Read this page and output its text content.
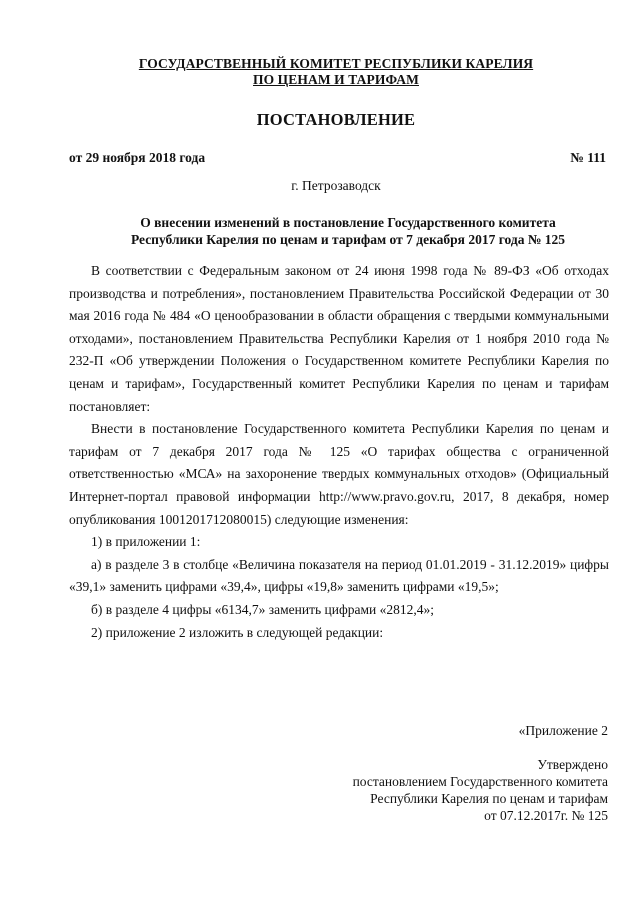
ГОСУДАРСТВЕННЫЙ КОМИТЕТ РЕСПУБЛИКИ КАРЕЛИЯ
ПО ЦЕНАМ И ТАРИФАМ
ПОСТАНОВЛЕНИЕ
от 29 ноября 2018 года	№ 111
г. Петрозаводск
О внесении изменений в постановление Государственного комитета
Республики Карелия по ценам и тарифам от 7 декабря 2017 года № 125

В соответствии с Федеральным законом от 24 июня 1998 года № 89-ФЗ «Об отходах производства и потребления», постановлением Правительства Российской Федерации от 30 мая 2016 года № 484 «О ценообразовании в области обращения с твердыми коммунальными отходами», постановлением Правительства Республики Карелия от 1 ноября 2010 года № 232-П «Об утверждении Положения о Государственном комитете Республики Карелия по ценам и тарифам», Государственный комитет Республики Карелия по ценам и тарифам постановляет:

Внести в постановление Государственного комитета Республики Карелия по ценам и тарифам от 7 декабря 2017 года № 125 «О тарифах общества с ограниченной ответственностью «МСА» на захоронение твердых коммунальных отходов» (Официальный Интернет-портал правовой информации http://www.pravo.gov.ru, 2017, 8 декабря, номер опубликования 1001201712080015) следующие изменения:

1) в приложении 1:

а) в разделе 3 в столбце «Величина показателя на период 01.01.2019 - 31.12.2019» цифры «39,1» заменить цифрами «39,4», цифры «19,8» заменить цифрами «19,5»;

б) в разделе 4 цифры «6134,7» заменить цифрами «2812,4»;

2) приложение 2 изложить в следующей редакции:

«Приложение 2
Утверждено
постановлением Государственного комитета
Республики Карелия по ценам и тарифам
от 07.12.2017г. № 125
